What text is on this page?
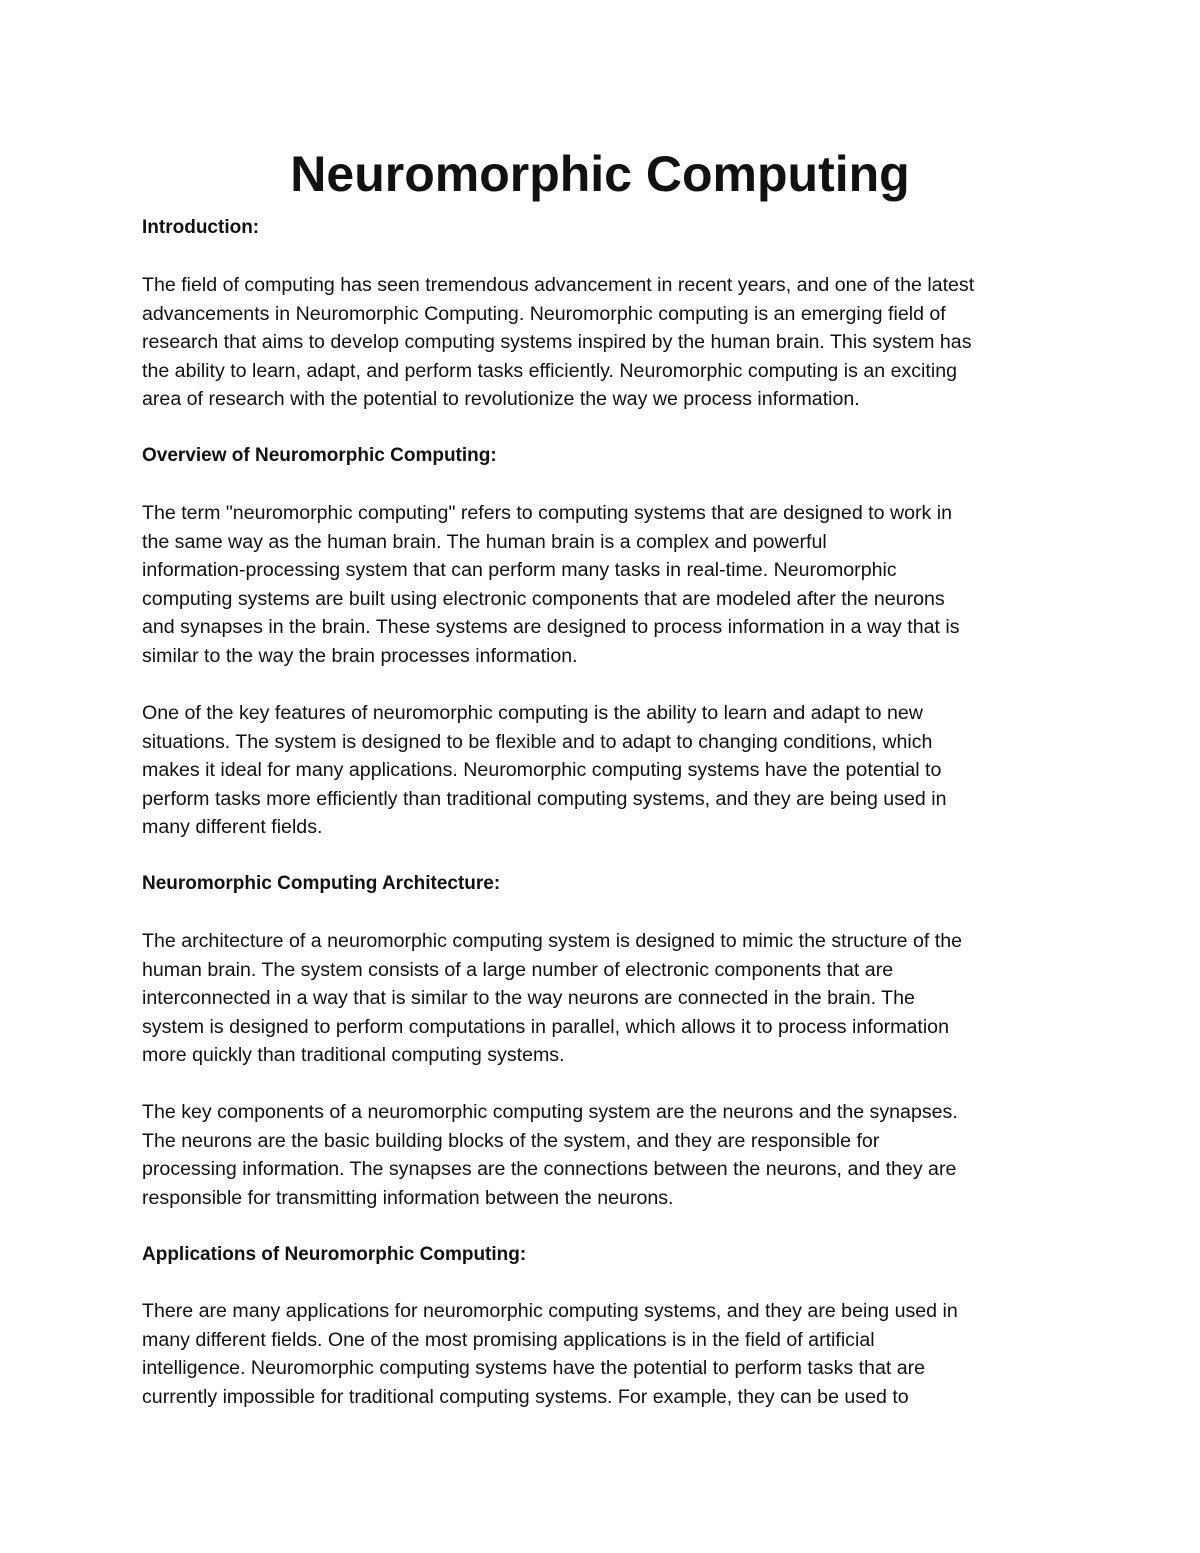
Neuromorphic Computing
Introduction:

The field of computing has seen tremendous advancement in recent years, and one of the latest
advancements in Neuromorphic Computing. Neuromorphic computing is an emerging field of
research that aims to develop computing systems inspired by the human brain. This system has
the ability to learn, adapt, and perform tasks efficiently. Neuromorphic computing is an exciting
area of research with the potential to revolutionize the way we process information.

Overview of Neuromorphic Computing:

The term "neuromorphic computing" refers to computing systems that are designed to work in
the same way as the human brain. The human brain is a complex and powerful
information-processing system that can perform many tasks in real-time. Neuromorphic
computing systems are built using electronic components that are modeled after the neurons
and synapses in the brain. These systems are designed to process information in a way that is
similar to the way the brain processes information.

One of the key features of neuromorphic computing is the ability to learn and adapt to new
situations. The system is designed to be flexible and to adapt to changing conditions, which
makes it ideal for many applications. Neuromorphic computing systems have the potential to
perform tasks more efficiently than traditional computing systems, and they are being used in
many different fields.

Neuromorphic Computing Architecture:

The architecture of a neuromorphic computing system is designed to mimic the structure of the
human brain. The system consists of a large number of electronic components that are
interconnected in a way that is similar to the way neurons are connected in the brain. The
system is designed to perform computations in parallel, which allows it to process information
more quickly than traditional computing systems.

The key components of a neuromorphic computing system are the neurons and the synapses.
The neurons are the basic building blocks of the system, and they are responsible for
processing information. The synapses are the connections between the neurons, and they are
responsible for transmitting information between the neurons.

Applications of Neuromorphic Computing:

There are many applications for neuromorphic computing systems, and they are being used in
many different fields. One of the most promising applications is in the field of artificial
intelligence. Neuromorphic computing systems have the potential to perform tasks that are
currently impossible for traditional computing systems. For example, they can be used to
